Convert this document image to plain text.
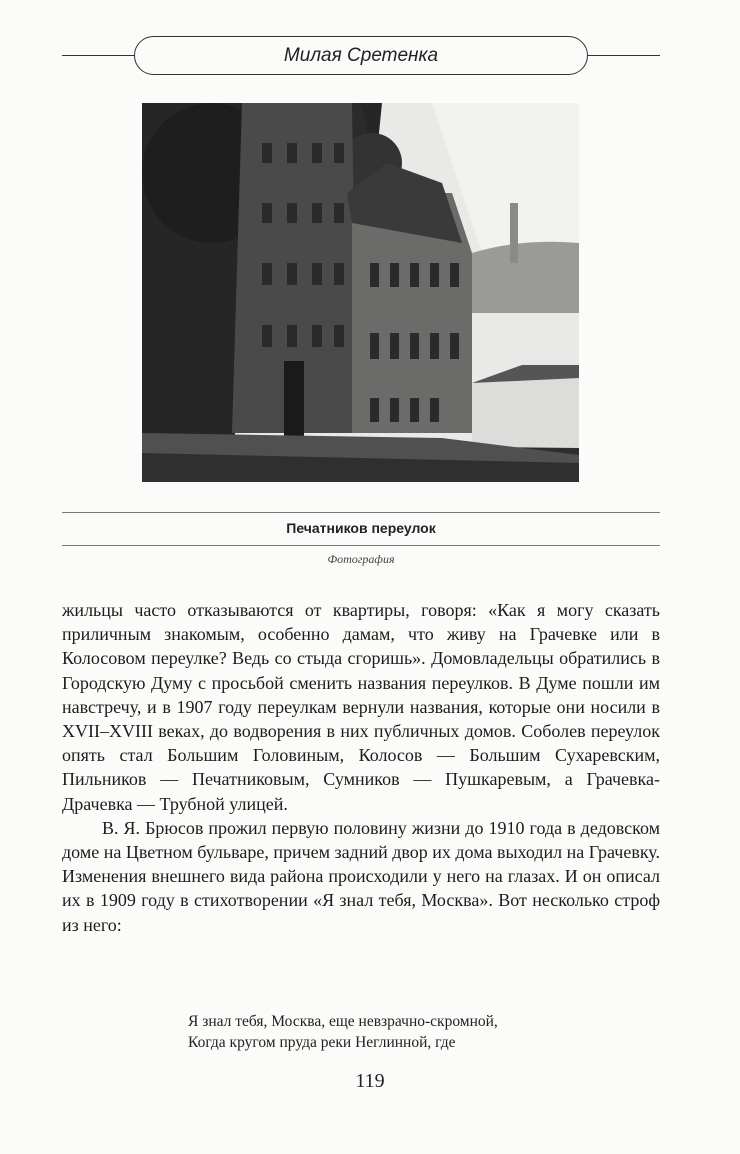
Милая Сретенка
Печатников переулок
Фотография

жильцы часто отказываются от квартиры, говоря: «Как я могу сказать приличным знакомым, особенно дамам, что живу на Грачевке или в Колосовом переулке? Ведь со стыда сгоришь». Домовладельцы обратились в Городскую Думу с просьбой сменить названия переулков. В Думе пошли им навстречу, и в 1907 году переулкам вернули названия, которые они носили в XVII–XVIII веках, до водворения в них публичных домов. Соболев переулок опять стал Большим Головиным, Колосов — Большим Сухаревским, Пильников — Печатниковым, Сумников — Пушкаревым, а Грачевка-Драчевка — Трубной улицей.

В. Я. Брюсов прожил первую половину жизни до 1910 года в дедовском доме на Цветном бульваре, причем задний двор их дома выходил на Грачевку. Изменения внешнего вида района происходили у него на глазах. И он описал их в 1909 году в стихотворении «Я знал тебя, Москва». Вот несколько строф из него:

Я знал тебя, Москва, еще невзрачно-скромной,
Когда кругом пруда реки Неглинной, где
119
